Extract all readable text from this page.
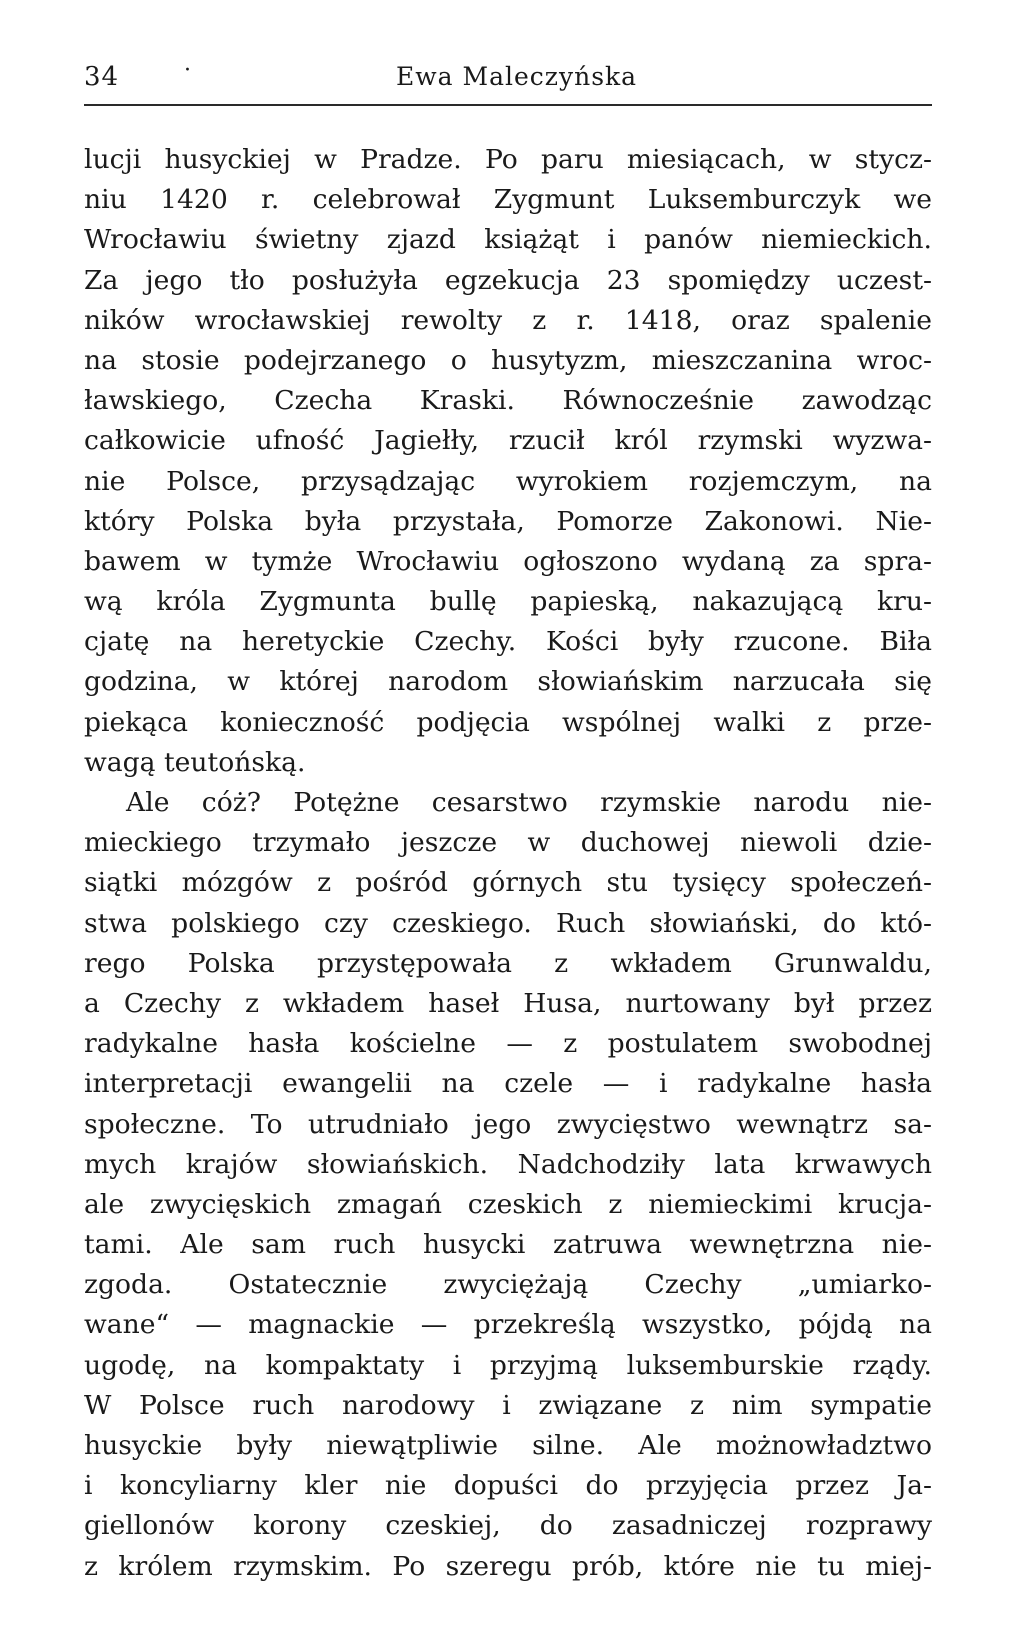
34	·	Ewa Maleczyńska
lucji husyckiej w Pradze. Po paru miesiącach, w stycz-
niu 1420 r. celebrował Zygmunt Luksemburczyk we
Wrocławiu świetny zjazd książąt i panów niemieckich.
Za jego tło posłużyła egzekucja 23 spomiędzy uczest-
ników wrocławskiej rewolty z r. 1418, oraz spalenie
na stosie podejrzanego o husytyzm, mieszczanina wroc-
ławskiego, Czecha Kraski. Równocześnie zawodząc
całkowicie ufność Jagiełły, rzucił król rzymski wyzwa-
nie Polsce, przysądzając wyrokiem rozjemczym, na
który Polska była przystała, Pomorze Zakonowi. Nie-
bawem w tymże Wrocławiu ogłoszono wydaną za spra-
wą króla Zygmunta bullę papieską, nakazującą kru-
cjatę na heretyckie Czechy. Kości były rzucone. Biła
godzina, w której narodom słowiańskim narzucała się
piekąca konieczność podjęcia wspólnej walki z prze-
wagą teutońską.
Ale cóż? Potężne cesarstwo rzymskie narodu nie-
mieckiego trzymało jeszcze w duchowej niewoli dzie-
siątki mózgów z pośród górnych stu tysięcy społeczeń-
stwa polskiego czy czeskiego. Ruch słowiański, do któ-
rego Polska przystępowała z wkładem Grunwaldu,
a Czechy z wkładem haseł Husa, nurtowany był przez
radykalne hasła kościelne — z postulatem swobodnej
interpretacji ewangelii na czele — i radykalne hasła
społeczne. To utrudniało jego zwycięstwo wewnątrz sa-
mych krajów słowiańskich. Nadchodziły lata krwawych
ale zwycięskich zmagań czeskich z niemieckimi krucja-
tami. Ale sam ruch husycki zatruwa wewnętrzna nie-
zgoda. Ostatecznie zwyciężają Czechy „umiarko-
wane“ — magnackie — przekreślą wszystko, pójdą na
ugodę, na kompaktaty i przyjmą luksemburskie rządy.
W Polsce ruch narodowy i związane z nim sympatie
husyckie były niewątpliwie silne. Ale możnowładztwo
i koncyliarny kler nie dopuści do przyjęcia przez Ja-
giellonów korony czeskiej, do zasadniczej rozprawy
z królem rzymskim. Po szeregu prób, które nie tu miej-
